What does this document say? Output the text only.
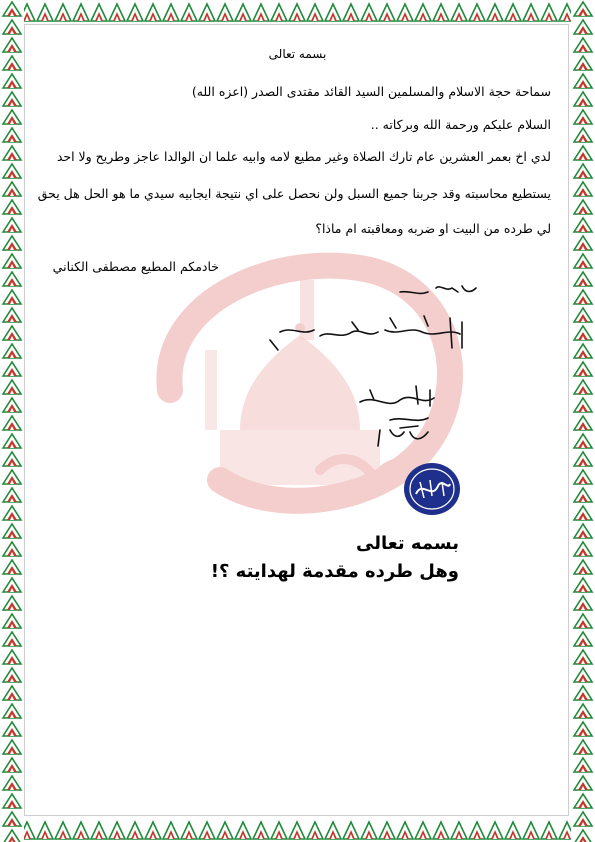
بسمه تعالى
سماحة حجة الاسلام والمسلمين السيد القائد مقتدى الصدر (اعزه الله)
السلام عليكم ورحمة الله وبركاته ..
لدي اخ بعمر العشرين عام تارك الصلاة وغير مطيع لامه وابيه علما ان الوالدا عاجز وطريح ولا احد
يستطيع محاسبته وقد جربنا جميع السبل ولن نحصل على اي نتيجة ايجابيه سيدي ما هو الحل هل يحق
لي طرده من البيت او ضربه ومعاقبته ام ماذا؟
خادمكم المطيع مصطفى الكناني
بسمه تعالى
وهل طرده مقدمة لهدايته ؟!
